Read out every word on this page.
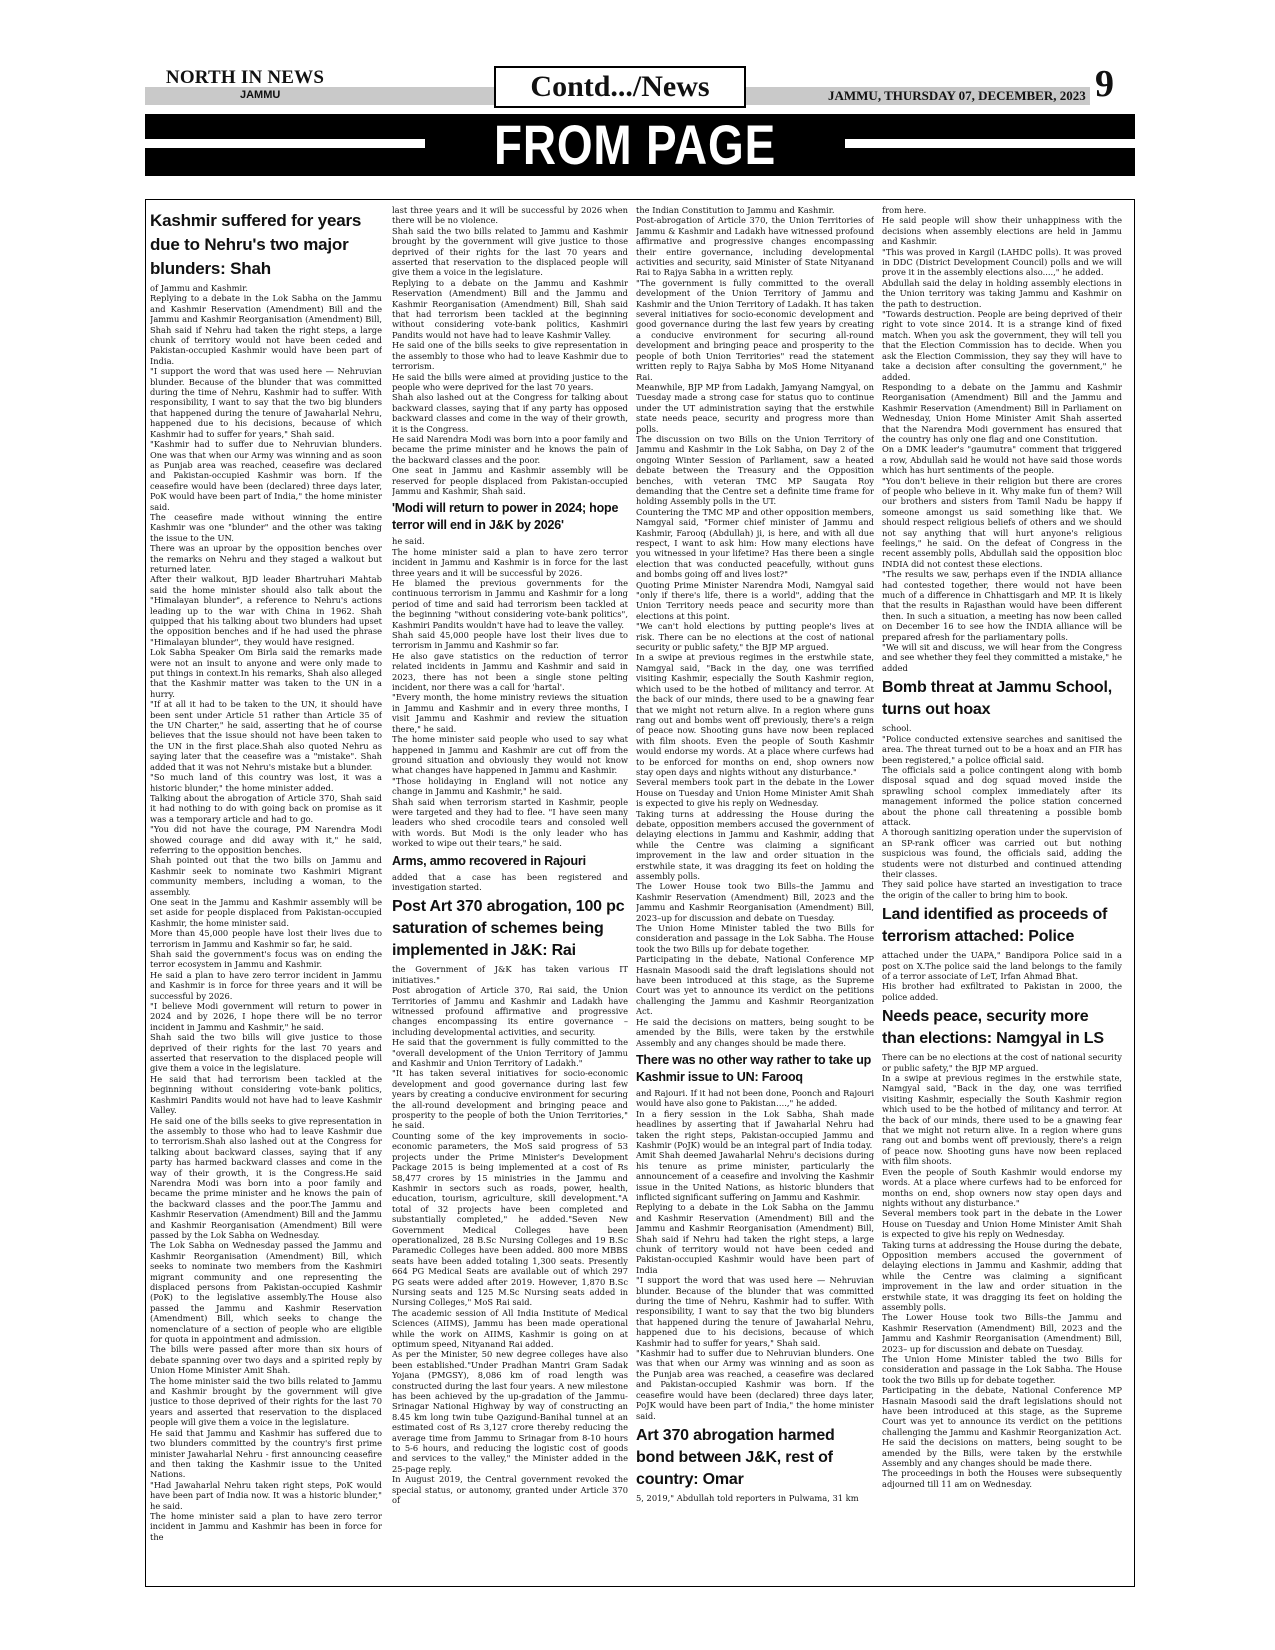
NORTH IN NEWS
JAMMU	Contd.../News	JAMMU, THURSDAY 07, DECEMBER, 2023 9
FROM PAGE ONE
Kashmir suffered for years due to Nehru's two major blunders: Shah

of Jammu and Kashmir.
Replying to a debate in the Lok Sabha on the Jammu and Kashmir Reservation (Amendment) Bill and the Jammu and Kashmir Reorganisation (Amendment) Bill, Shah said if Nehru had taken the right steps, a large chunk of territory would not have been ceded and Pakistan-occupied Kashmir would have been part of India.
"I support the word that was used here — Nehruvian blunder. Because of the blunder that was committed during the time of Nehru, Kashmir had to suffer. With responsibility, I want to say that the two big blunders that happened during the tenure of Jawaharlal Nehru, happened due to his decisions, because of which Kashmir had to suffer for years," Shah said.
"Kashmir had to suffer due to Nehruvian blunders. One was that when our Army was winning and as soon as Punjab area was reached, ceasefire was declared and Pakistan-occupied Kashmir was born. If the ceasefire would have been (declared) three days later, PoK would have been part of India," the home minister said.
The ceasefire made without winning the entire Kashmir was one "blunder" and the other was taking the issue to the UN.
There was an uproar by the opposition benches over the remarks on Nehru and they staged a walkout but returned later.
After their walkout, BJD leader Bhartruhari Mahtab said the home minister should also talk about the "Himalayan blunder", a reference to Nehru's actions leading up to the war with China in 1962. Shah quipped that his talking about two blunders had upset the opposition benches and if he had used the phrase "Himalayan blunder", they would have resigned.
Lok Sabha Speaker Om Birla said the remarks made were not an insult to anyone and were only made to put things in context.In his remarks, Shah also alleged that the Kashmir matter was taken to the UN in a hurry.
"If at all it had to be taken to the UN, it should have been sent under Article 51 rather than Article 35 of the UN Charter," he said, asserting that he of course believes that the issue should not have been taken to the UN in the first place.Shah also quoted Nehru as saying later that the ceasefire was a "mistake". Shah added that it was not Nehru's mistake but a blunder.
"So much land of this country was lost, it was a historic blunder," the home minister added.
Talking about the abrogation of Article 370, Shah said it had nothing to do with going back on promise as it was a temporary article and had to go.
"You did not have the courage, PM Narendra Modi showed courage and did away with it," he said, referring to the opposition benches.
Shah pointed out that the two bills on Jammu and Kashmir seek to nominate two Kashmiri Migrant community members, including a woman, to the assembly.
One seat in the Jammu and Kashmir assembly will be set aside for people displaced from Pakistan-occupied Kashmir, the home minister said.
More than 45,000 people have lost their lives due to terrorism in Jammu and Kashmir so far, he said.
Shah said the government's focus was on ending the terror ecosystem in Jammu and Kashmir.
He said a plan to have zero terror incident in Jammu and Kashmir is in force for three years and it will be successful by 2026.
"I believe Modi government will return to power in 2024 and by 2026, I hope there will be no terror incident in Jammu and Kashmir," he said.
Shah said the two bills will give justice to those deprived of their rights for the last 70 years and asserted that reservation to the displaced people will give them a voice in the legislature.
He said that had terrorism been tackled at the beginning without considering vote-bank politics, Kashmiri Pandits would not have had to leave Kashmir Valley.
He said one of the bills seeks to give representation in the assembly to those who had to leave Kashmir due to terrorism.Shah also lashed out at the Congress for talking about backward classes, saying that if any party has harmed backward classes and come in the way of their growth, it is the Congress.He said Narendra Modi was born into a poor family and became the prime minister and he knows the pain of the backward classes and the poor.The Jammu and Kashmir Reservation (Amendment) Bill and the Jammu and Kashmir Reorganisation (Amendment) Bill were passed by the Lok Sabha on Wednesday.
The Lok Sabha on Wednesday passed the Jammu and Kashmir Reorganisation (Amendment) Bill, which seeks to nominate two members from the Kashmiri migrant community and one representing the displaced persons from Pakistan-occupied Kashmir (PoK) to the legislative assembly.The House also passed the Jammu and Kashmir Reservation (Amendment) Bill, which seeks to change the nomenclature of a section of people who are eligible for quota in appointment and admission.
The bills were passed after more than six hours of debate spanning over two days and a spirited reply by Union Home Minister Amit Shah.
The home minister said the two bills related to Jammu and Kashmir brought by the government will give justice to those deprived of their rights for the last 70 years and asserted that reservation to the displaced people will give them a voice in the legislature.
He said that Jammu and Kashmir has suffered due to two blunders committed by the country's first prime minister Jawaharlal Nehru - first announcing ceasefire and then taking the Kashmir issue to the United Nations.
"Had Jawaharlal Nehru taken right steps, PoK would have been part of India now. It was a historic blunder," he said.
The home minister said a plan to have zero terror incident in Jammu and Kashmir has been in force for the

last three years and it will be successful by 2026 when there will be no violence.
Shah said the two bills related to Jammu and Kashmir brought by the government will give justice to those deprived of their rights for the last 70 years and asserted that reservation to the displaced people will give them a voice in the legislature.
Replying to a debate on the Jammu and Kashmir Reservation (Amendment) Bill and the Jammu and Kashmir Reorganisation (Amendment) Bill, Shah said that had terrorism been tackled at the beginning without considering vote-bank politics, Kashmiri Pandits would not have had to leave Kashmir Valley.
He said one of the bills seeks to give representation in the assembly to those who had to leave Kashmir due to terrorism.
He said the bills were aimed at providing justice to the people who were deprived for the last 70 years.
Shah also lashed out at the Congress for talking about backward classes, saying that if any party has opposed backward classes and come in the way of their growth, it is the Congress.
He said Narendra Modi was born into a poor family and became the prime minister and he knows the pain of the backward classes and the poor.
One seat in Jammu and Kashmir assembly will be reserved for people displaced from Pakistan-occupied Jammu and Kashmir, Shah said.

'Modi will return to power in 2024; hope terror will end in J&K by 2026'

he said.
The home minister said a plan to have zero terror incident in Jammu and Kashmir is in force for the last three years and it will be successful by 2026.
He blamed the previous governments for the continuous terrorism in Jammu and Kashmir for a long period of time and said had terrorism been tackled at the beginning "without considering vote-bank politics", Kashmiri Pandits wouldn't have had to leave the valley.
Shah said 45,000 people have lost their lives due to terrorism in Jammu and Kashmir so far.
He also gave statistics on the reduction of terror related incidents in Jammu and Kashmir and said in 2023, there has not been a single stone pelting incident, nor there was a call for 'hartal'.
"Every month, the home ministry reviews the situation in Jammu and Kashmir and in every three months, I visit Jammu and Kashmir and review the situation there," he said.
The home minister said people who used to say what happened in Jammu and Kashmir are cut off from the ground situation and obviously they would not know what changes have happened in Jammu and Kashmir.
"Those holidaying in England will not notice any change in Jammu and Kashmir," he said.
Shah said when terrorism started in Kashmir, people were targeted and they had to flee. "I have seen many leaders who shed crocodile tears and consoled well with words. But Modi is the only leader who has worked to wipe out their tears," he said.

Arms, ammo recovered in Rajouri

added that a case has been registered and investigation started.

Post Art 370 abrogation, 100 pc saturation of schemes being implemented in J&K: Rai

the Government of J&K has taken various IT initiatives."
Post abrogation of Article 370, Rai said, the Union Territories of Jammu and Kashmir and Ladakh have witnessed profound affirmative and progressive changes encompassing its entire governance – including developmental activities, and security.
He said that the government is fully committed to the "overall development of the Union Territory of Jammu and Kashmir and Union Territory of Ladakh."
"It has taken several initiatives for socio-economic development and good governance during last few years by creating a conducive environment for securing the all-round development and bringing peace and prosperity to the people of both the Union Territories," he said.
Counting some of the key improvements in socio-economic parameters, the MoS said progress of 53 projects under the Prime Minister's Development Package 2015 is being implemented at a cost of Rs 58,477 crores by 15 ministries in the Jammu and Kashmir in sectors such as roads, power, health, education, tourism, agriculture, skill development."A total of 32 projects have been completed and substantially completed," he added."Seven New Government Medical Colleges have been operationalized, 28 B.Sc Nursing Colleges and 19 B.Sc Paramedic Colleges have been added. 800 more MBBS seats have been added totaling 1,300 seats. Presently 664 PG Medical Seats are available out of which 297 PG seats were added after 2019. However, 1,870 B.Sc Nursing seats and 125 M.Sc Nursing seats added in Nursing Colleges," MoS Rai said.
The academic session of All India Institute of Medical Sciences (AIIMS), Jammu has been made operational while the work on AIIMS, Kashmir is going on at optimum speed, Nityanand Rai added.
As per the Minister, 50 new degree colleges have also been established."Under Pradhan Mantri Gram Sadak Yojana (PMGSY), 8,086 km of road length was constructed during the last four years. A new milestone has been achieved by the up-gradation of the Jammu-Srinagar National Highway by way of constructing an 8.45 km long twin tube Qazigund-Banihal tunnel at an estimated cost of Rs 3,127 crore thereby reducing the average time from Jammu to Srinagar from 8-10 hours to 5-6 hours, and reducing the logistic cost of goods and services to the valley," the Minister added in the 25-page reply.
In August 2019, the Central government revoked the special status, or autonomy, granted under Article 370 of

the Indian Constitution to Jammu and Kashmir.
Post-abrogation of Article 370, the Union Territories of Jammu & Kashmir and Ladakh have witnessed profound affirmative and progressive changes encompassing their entire governance, including developmental activities and security, said Minister of State Nityanand Rai to Rajya Sabha in a written reply.
"The government is fully committed to the overall development of the Union Territory of Jammu and Kashmir and the Union Territory of Ladakh. It has taken several initiatives for socio-economic development and good governance during the last few years by creating a conducive environment for securing all-round development and bringing peace and prosperity to the people of both Union Territories" read the statement written reply to Rajya Sabha by MoS Home Nityanand Rai.
Meanwhile, BJP MP from Ladakh, Jamyang Namgyal, on Tuesday made a strong case for status quo to continue under the UT administration saying that the erstwhile state needs peace, security and progress more than polls.
The discussion on two Bills on the Union Territory of Jammu and Kashmir in the Lok Sabha, on Day 2 of the ongoing Winter Session of Parliament, saw a heated debate between the Treasury and the Opposition benches, with veteran TMC MP Saugata Roy demanding that the Centre set a definite time frame for holding Assembly polls in the UT.
Countering the TMC MP and other opposition members, Namgyal said, "Former chief minister of Jammu and Kashmir, Farooq (Abdullah) ji, is here, and with all due respect, I want to ask him: How many elections have you witnessed in your lifetime? Has there been a single election that was conducted peacefully, without guns and bombs going off and lives lost?"
Quoting Prime Minister Narendra Modi, Namgyal said "only if there's life, there is a world", adding that the Union Territory needs peace and security more than elections at this point.
"We can't hold elections by putting people's lives at risk. There can be no elections at the cost of national security or public safety," the BJP MP argued.
In a swipe at previous regimes in the erstwhile state, Namgyal said, "Back in the day, one was terrified visiting Kashmir, especially the South Kashmir region, which used to be the hotbed of militancy and terror. At the back of our minds, there used to be a gnawing fear that we might not return alive. In a region where guns rang out and bombs went off previously, there's a reign of peace now. Shooting guns have now been replaced with film shoots. Even the people of South Kashmir would endorse my words. At a place where curfews had to be enforced for months on end, shop owners now stay open days and nights without any disturbance."
Several members took part in the debate in the Lower House on Tuesday and Union Home Minister Amit Shah is expected to give his reply on Wednesday.
Taking turns at addressing the House during the debate, opposition members accused the government of delaying elections in Jammu and Kashmir, adding that while the Centre was claiming a significant improvement in the law and order situation in the erstwhile state, it was dragging its feet on holding the assembly polls.
The Lower House took two Bills–the Jammu and Kashmir Reservation (Amendment) Bill, 2023 and the Jammu and Kashmir Reorganisation (Amendment) Bill, 2023–up for discussion and debate on Tuesday.
The Union Home Minister tabled the two Bills for consideration and passage in the Lok Sabha. The House took the two Bills up for debate together.
Participating in the debate, National Conference MP Hasnain Masoodi said the draft legislations should not have been introduced at this stage, as the Supreme Court was yet to announce its verdict on the petitions challenging the Jammu and Kashmir Reorganization Act.
He said the decisions on matters, being sought to be amended by the Bills, were taken by the erstwhile Assembly and any changes should be made there.

There was no other way rather to take up Kashmir issue to UN: Farooq

and Rajouri. If it had not been done, Poonch and Rajouri would have also gone to Pakistan….," he added.
In a fiery session in the Lok Sabha, Shah made headlines by asserting that if Jawaharlal Nehru had taken the right steps, Pakistan-occupied Jammu and Kashmir (PoJK) would be an integral part of India today.
Amit Shah deemed Jawaharlal Nehru's decisions during his tenure as prime minister, particularly the announcement of a ceasefire and involving the Kashmir issue in the United Nations, as historic blunders that inflicted significant suffering on Jammu and Kashmir.
Replying to a debate in the Lok Sabha on the Jammu and Kashmir Reservation (Amendment) Bill and the Jammu and Kashmir Reorganisation (Amendment) Bill, Shah said if Nehru had taken the right steps, a large chunk of territory would not have been ceded and Pakistan-occupied Kashmir would have been part of India
"I support the word that was used here — Nehruvian blunder. Because of the blunder that was committed during the time of Nehru, Kashmir had to suffer. With responsibility, I want to say that the two big blunders that happened during the tenure of Jawaharlal Nehru, happened due to his decisions, because of which Kashmir had to suffer for years," Shah said.
"Kashmir had to suffer due to Nehruvian blunders. One was that when our Army was winning and as soon as the Punjab area was reached, a ceasefire was declared and Pakistan-occupied Kashmir was born. If the ceasefire would have been (declared) three days later, PoJK would have been part of India," the home minister said.

Art 370 abrogation harmed bond between J&K, rest of country: Omar

5, 2019," Abdullah told reporters in Pulwama, 31 km

from here.
He said people will show their unhappiness with the decisions when assembly elections are held in Jammu and Kashmir.
"This was proved in Kargil (LAHDC polls). It was proved in DDC (District Development Council) polls and we will prove it in the assembly elections also....," he added.
Abdullah said the delay in holding assembly elections in the Union territory was taking Jammu and Kashmir on the path to destruction.
"Towards destruction. People are being deprived of their right to vote since 2014. It is a strange kind of fixed match. When you ask the government, they will tell you that the Election Commission has to decide. When you ask the Election Commission, they say they will have to take a decision after consulting the government," he added.
Responding to a debate on the Jammu and Kashmir Reorganisation (Amendment) Bill and the Jammu and Kashmir Reservation (Amendment) Bill in Parliament on Wednesday, Union Home Minister Amit Shah asserted that the Narendra Modi government has ensured that the country has only one flag and one Constitution.
On a DMK leader's "gaumutra" comment that triggered a row, Abdullah said he would not have said those words which has hurt sentiments of the people.
"You don't believe in their religion but there are crores of people who believe in it. Why make fun of them? Will our brothers and sisters from Tamil Nadu be happy if someone amongst us said something like that. We should respect religious beliefs of others and we should not say anything that will hurt anyone's religious feelings," he said. On the defeat of Congress in the recent assembly polls, Abdullah said the opposition bloc INDIA did not contest these elections.
"The results we saw, perhaps even if the INDIA alliance had contested together, there would not have been much of a difference in Chhattisgarh and MP. It is likely that the results in Rajasthan would have been different then. In such a situation, a meeting has now been called on December 16 to see how the INDIA alliance will be prepared afresh for the parliamentary polls.
"We will sit and discuss, we will hear from the Congress and see whether they feel they committed a mistake," he added

Bomb threat at Jammu School, turns out hoax

school.
"Police conducted extensive searches and sanitised the area. The threat turned out to be a hoax and an FIR has been registered," a police official said.
The officials said a police contingent along with bomb disposal squad and dog squad moved inside the sprawling school complex immediately after its management informed the police station concerned about the phone call threatening a possible bomb attack.
A thorough sanitizing operation under the supervision of an SP-rank officer was carried out but nothing suspicious was found, the officials said, adding the students were not disturbed and continued attending their classes.
They said police have started an investigation to trace the origin of the caller to bring him to book.

Land identified as proceeds of terrorism attached: Police

attached under the UAPA," Bandipora Police said in a post on X.The police said the land belongs to the family of a terror associate of LeT, Irfan Ahmad Bhat.
His brother had exfiltrated to Pakistan in 2000, the police added.

Needs peace, security more than elections: Namgyal in LS

There can be no elections at the cost of national security or public safety," the BJP MP argued.
In a swipe at previous regimes in the erstwhile state, Namgyal said, "Back in the day, one was terrified visiting Kashmir, especially the South Kashmir region which used to be the hotbed of militancy and terror. At the back of our minds, there used to be a gnawing fear that we might not return alive. In a region where guns rang out and bombs went off previously, there's a reign of peace now. Shooting guns have now been replaced with film shoots.
Even the people of South Kashmir would endorse my words. At a place where curfews had to be enforced for months on end, shop owners now stay open days and nights without any disturbance."
Several members took part in the debate in the Lower House on Tuesday and Union Home Minister Amit Shah is expected to give his reply on Wednesday.
Taking turns at addressing the House during the debate, Opposition members accused the government of delaying elections in Jammu and Kashmir, adding that while the Centre was claiming a significant improvement in the law and order situation in the erstwhile state, it was dragging its feet on holding the assembly polls.
The Lower House took two Bills–the Jammu and Kashmir Reservation (Amendment) Bill, 2023 and the Jammu and Kashmir Reorganisation (Amendment) Bill, 2023– up for discussion and debate on Tuesday.
The Union Home Minister tabled the two Bills for consideration and passage in the Lok Sabha. The House took the two Bills up for debate together.
Participating in the debate, National Conference MP Hasnain Masoodi said the draft legislations should not have been introduced at this stage, as the Supreme Court was yet to announce its verdict on the petitions challenging the Jammu and Kashmir Reorganization Act.
He said the decisions on matters, being sought to be amended by the Bills, were taken by the erstwhile Assembly and any changes should be made there.
The proceedings in both the Houses were subsequently adjourned till 11 am on Wednesday.
